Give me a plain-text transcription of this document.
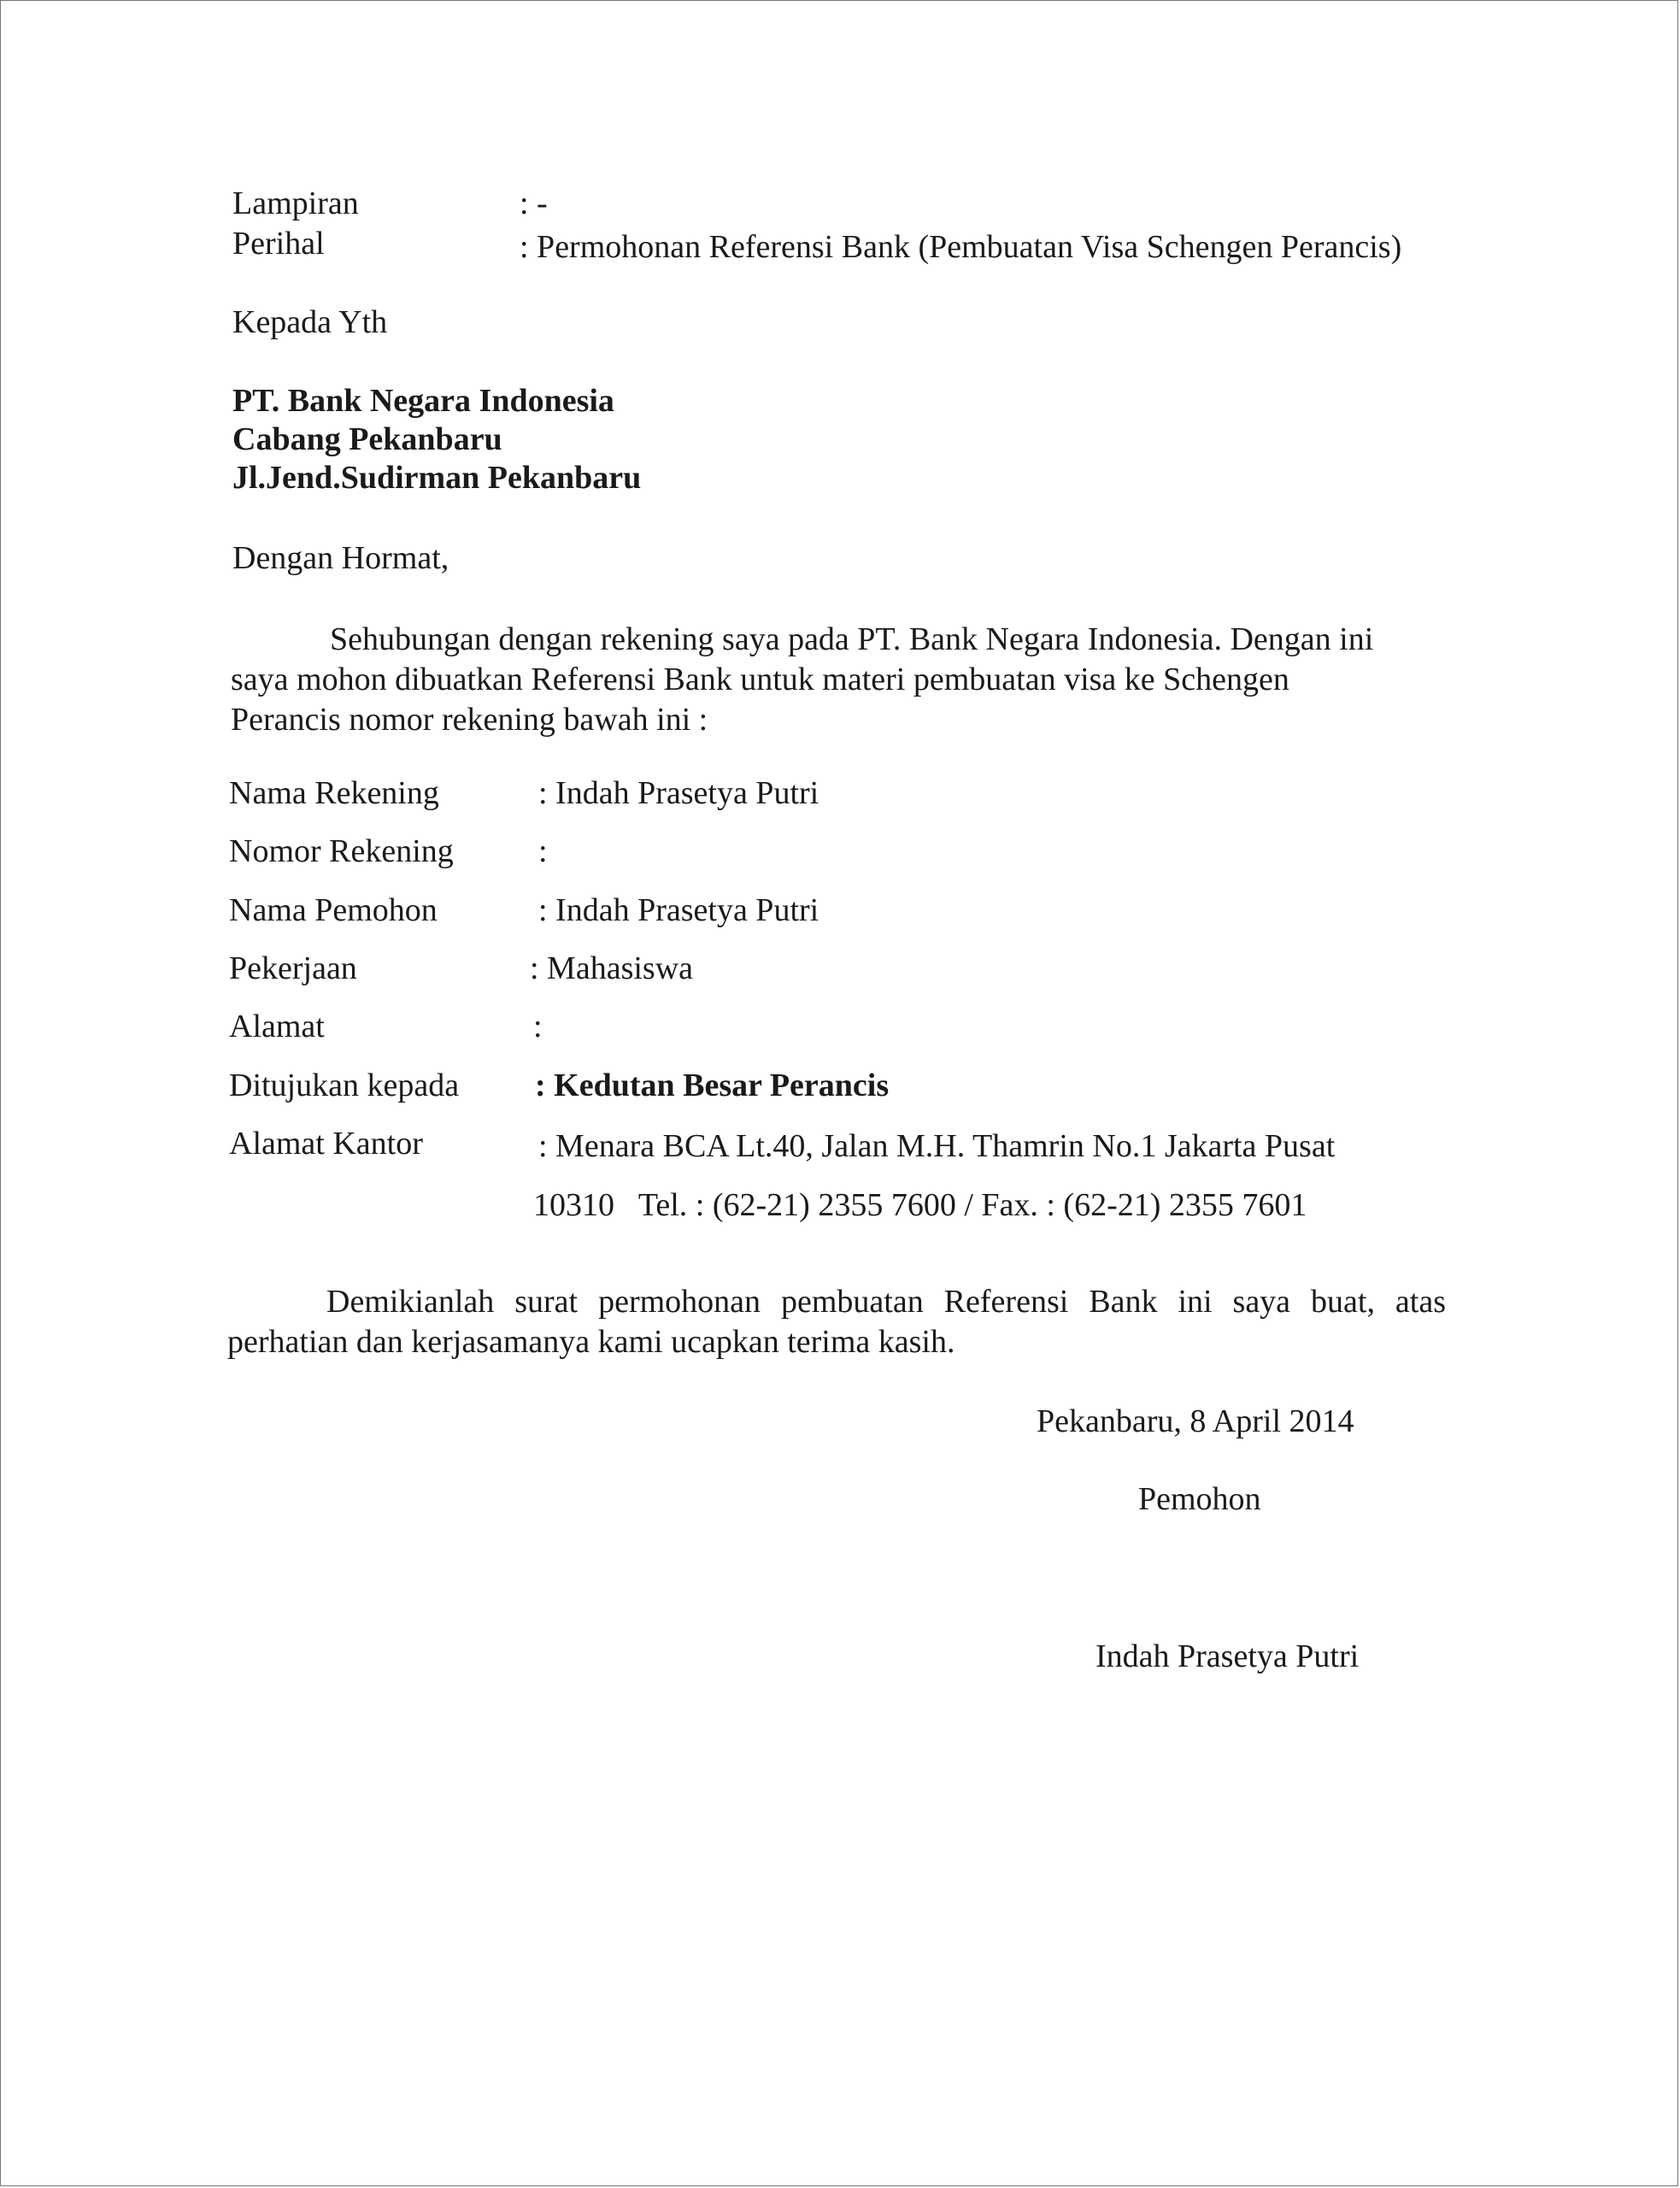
Lampiran	: -
Perihal	: Permohonan Referensi Bank (Pembuatan Visa Schengen Perancis)
Kepada Yth
PT. Bank Negara Indonesia
Cabang Pekanbaru
Jl.Jend.Sudirman Pekanbaru
Dengan Hormat,
Sehubungan dengan rekening saya pada PT. Bank Negara Indonesia. Dengan ini
saya mohon dibuatkan Referensi Bank untuk materi pembuatan visa ke Schengen
Perancis nomor rekening bawah ini :
Nama Rekening	: Indah Prasetya Putri
Nomor Rekening	:
Nama Pemohon	: Indah Prasetya Putri
Pekerjaan	: Mahasiswa
Alamat	:
Ditujukan kepada : Kedutan Besar Perancis
Alamat Kantor	: Menara BCA Lt.40, Jalan M.H. Thamrin No.1 Jakarta Pusat
10310   Tel. : (62-21) 2355 7600 / Fax. : (62-21) 2355 7601
Demikianlah surat permohonan pembuatan Referensi Bank ini saya buat, atas
perhatian dan kerjasamanya kami ucapkan terima kasih.
Pekanbaru, 8 April 2014
Pemohon
Indah Prasetya Putri
